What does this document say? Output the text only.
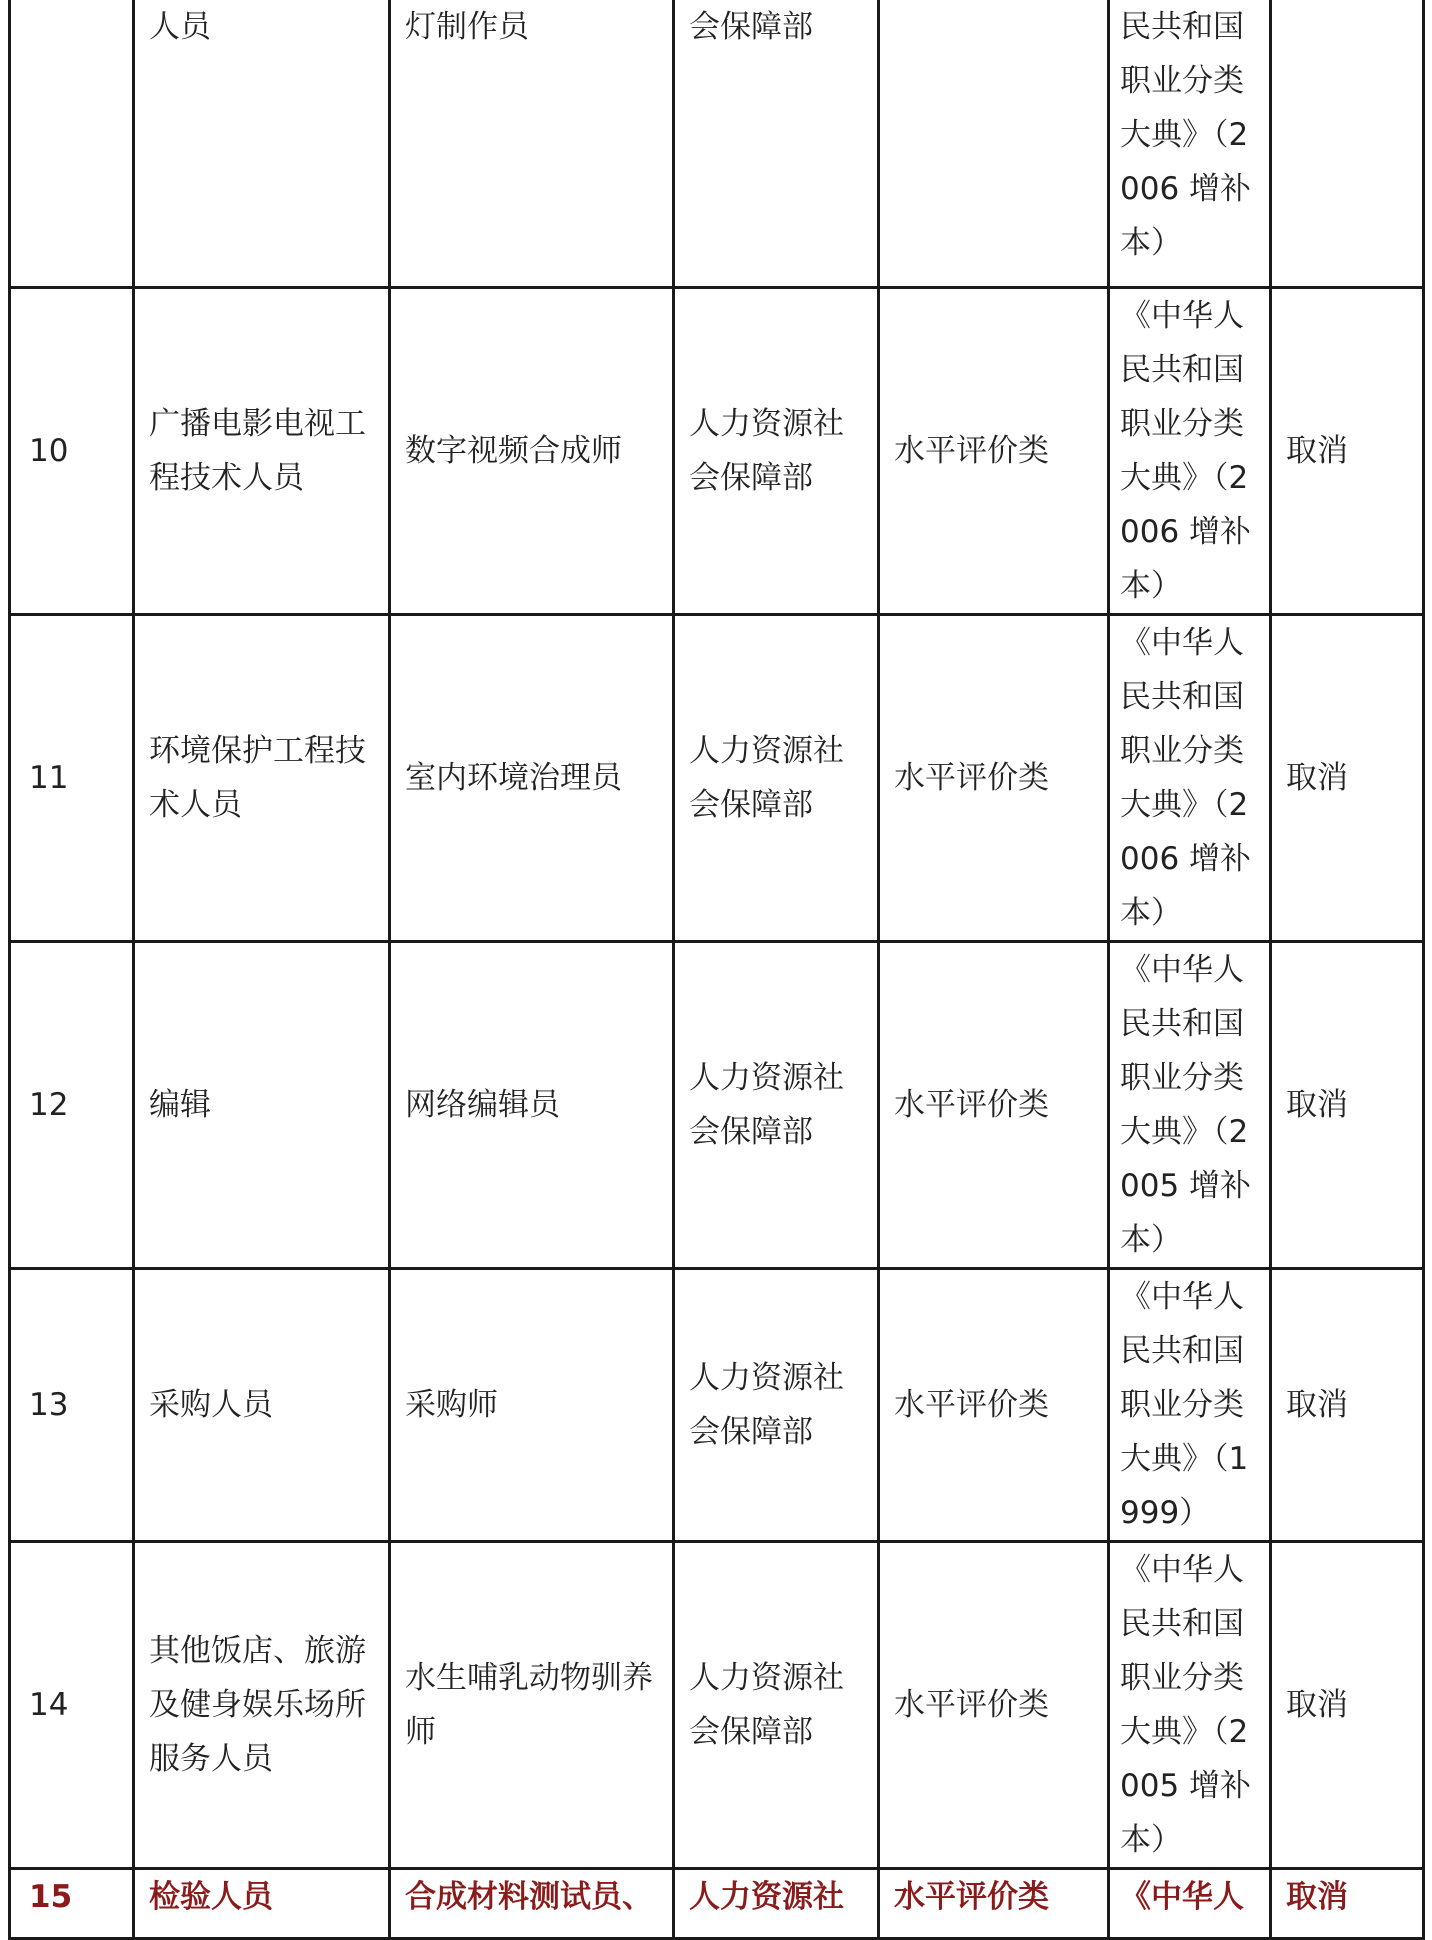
	人员	灯制作员	会保障部		民共和国职业分类大典》（2006 增补本）	
10	广播电影电视工程技术人员	数字视频合成师	人力资源社会保障部	水平评价类	《中华人民共和国职业分类大典》（2006 增补本）	取消
11	环境保护工程技术人员	室内环境治理员	人力资源社会保障部	水平评价类	《中华人民共和国职业分类大典》（2006 增补本）	取消
12	编辑	网络编辑员	人力资源社会保障部	水平评价类	《中华人民共和国职业分类大典》（2005 增补本）	取消
13	采购人员	采购师	人力资源社会保障部	水平评价类	《中华人民共和国职业分类大典》（1999）	取消
14	其他饭店、旅游及健身娱乐场所服务人员	水生哺乳动物驯养师	人力资源社会保障部	水平评价类	《中华人民共和国职业分类大典》（2005 增补本）	取消
15	检验人员	合成材料测试员、	人力资源社	水平评价类	《中华人	取消
